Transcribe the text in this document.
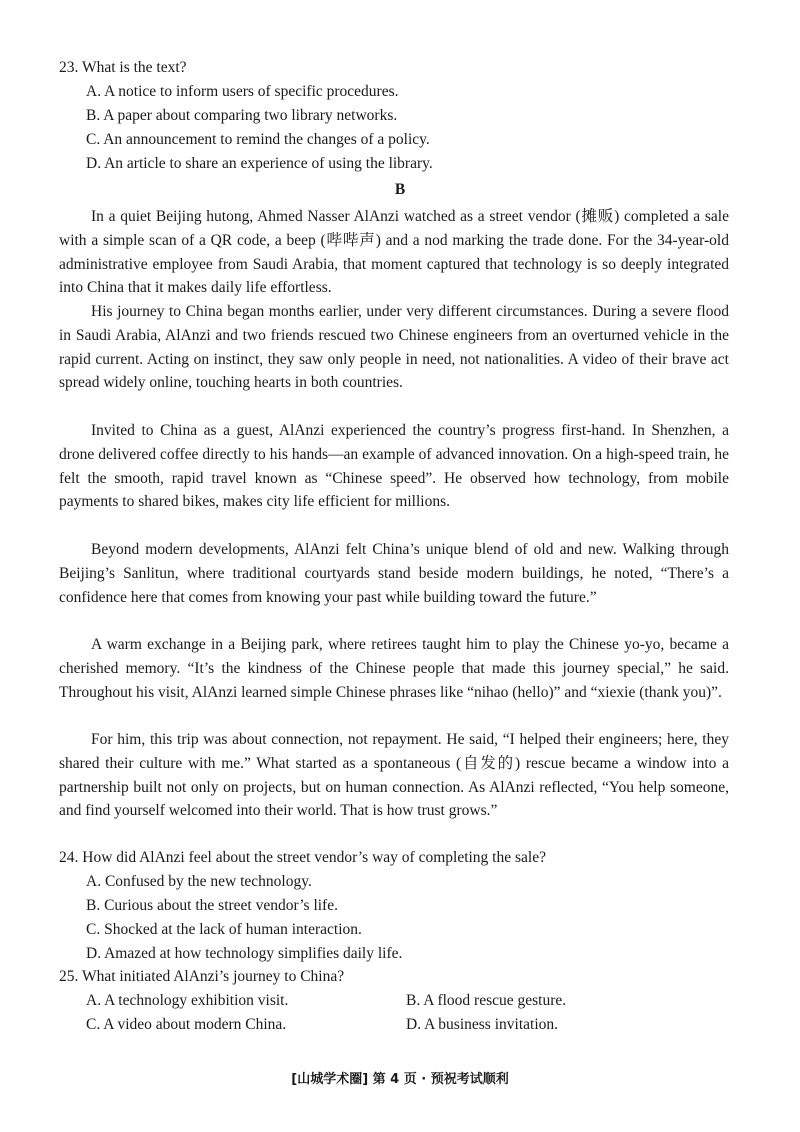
23. What is the text?
A. A notice to inform users of specific procedures.
B. A paper about comparing two library networks.
C. An announcement to remind the changes of a policy.
D. An article to share an experience of using the library.
B
In a quiet Beijing hutong, Ahmed Nasser AlAnzi watched as a street vendor (摊贩) completed a sale with a simple scan of a QR code, a beep (哔哔声) and a nod marking the trade done. For the 34-year-old administrative employee from Saudi Arabia, that moment captured that technology is so deeply integrated into China that it makes daily life effortless.
His journey to China began months earlier, under very different circumstances. During a severe flood in Saudi Arabia, AlAnzi and two friends rescued two Chinese engineers from an overturned vehicle in the rapid current. Acting on instinct, they saw only people in need, not nationalities. A video of their brave act spread widely online, touching hearts in both countries.
Invited to China as a guest, AlAnzi experienced the country’s progress first-hand. In Shenzhen, a drone delivered coffee directly to his hands—an example of advanced innovation. On a high-speed train, he felt the smooth, rapid travel known as “Chinese speed”. He observed how technology, from mobile payments to shared bikes, makes city life efficient for millions.
Beyond modern developments, AlAnzi felt China’s unique blend of old and new. Walking through Beijing’s Sanlitun, where traditional courtyards stand beside modern buildings, he noted, “There’s a confidence here that comes from knowing your past while building toward the future.”
A warm exchange in a Beijing park, where retirees taught him to play the Chinese yo-yo, became a cherished memory. “It’s the kindness of the Chinese people that made this journey special,” he said. Throughout his visit, AlAnzi learned simple Chinese phrases like “nihao (hello)” and “xiexie (thank you)”.
For him, this trip was about connection, not repayment. He said, “I helped their engineers; here, they shared their culture with me.” What started as a spontaneous (自发的) rescue became a window into a partnership built not only on projects, but on human connection. As AlAnzi reflected, “You help someone, and find yourself welcomed into their world. That is how trust grows.”
24. How did AlAnzi feel about the street vendor’s way of completing the sale?
A. Confused by the new technology.
B. Curious about the street vendor’s life.
C. Shocked at the lack of human interaction.
D. Amazed at how technology simplifies daily life.
25. What initiated AlAnzi’s journey to China?
A. A technology exhibition visit.	B. A flood rescue gesture.
C. A video about modern China.	D. A business invitation.
[山城学术圈] 第 4 页 · 预祝考试顺利
